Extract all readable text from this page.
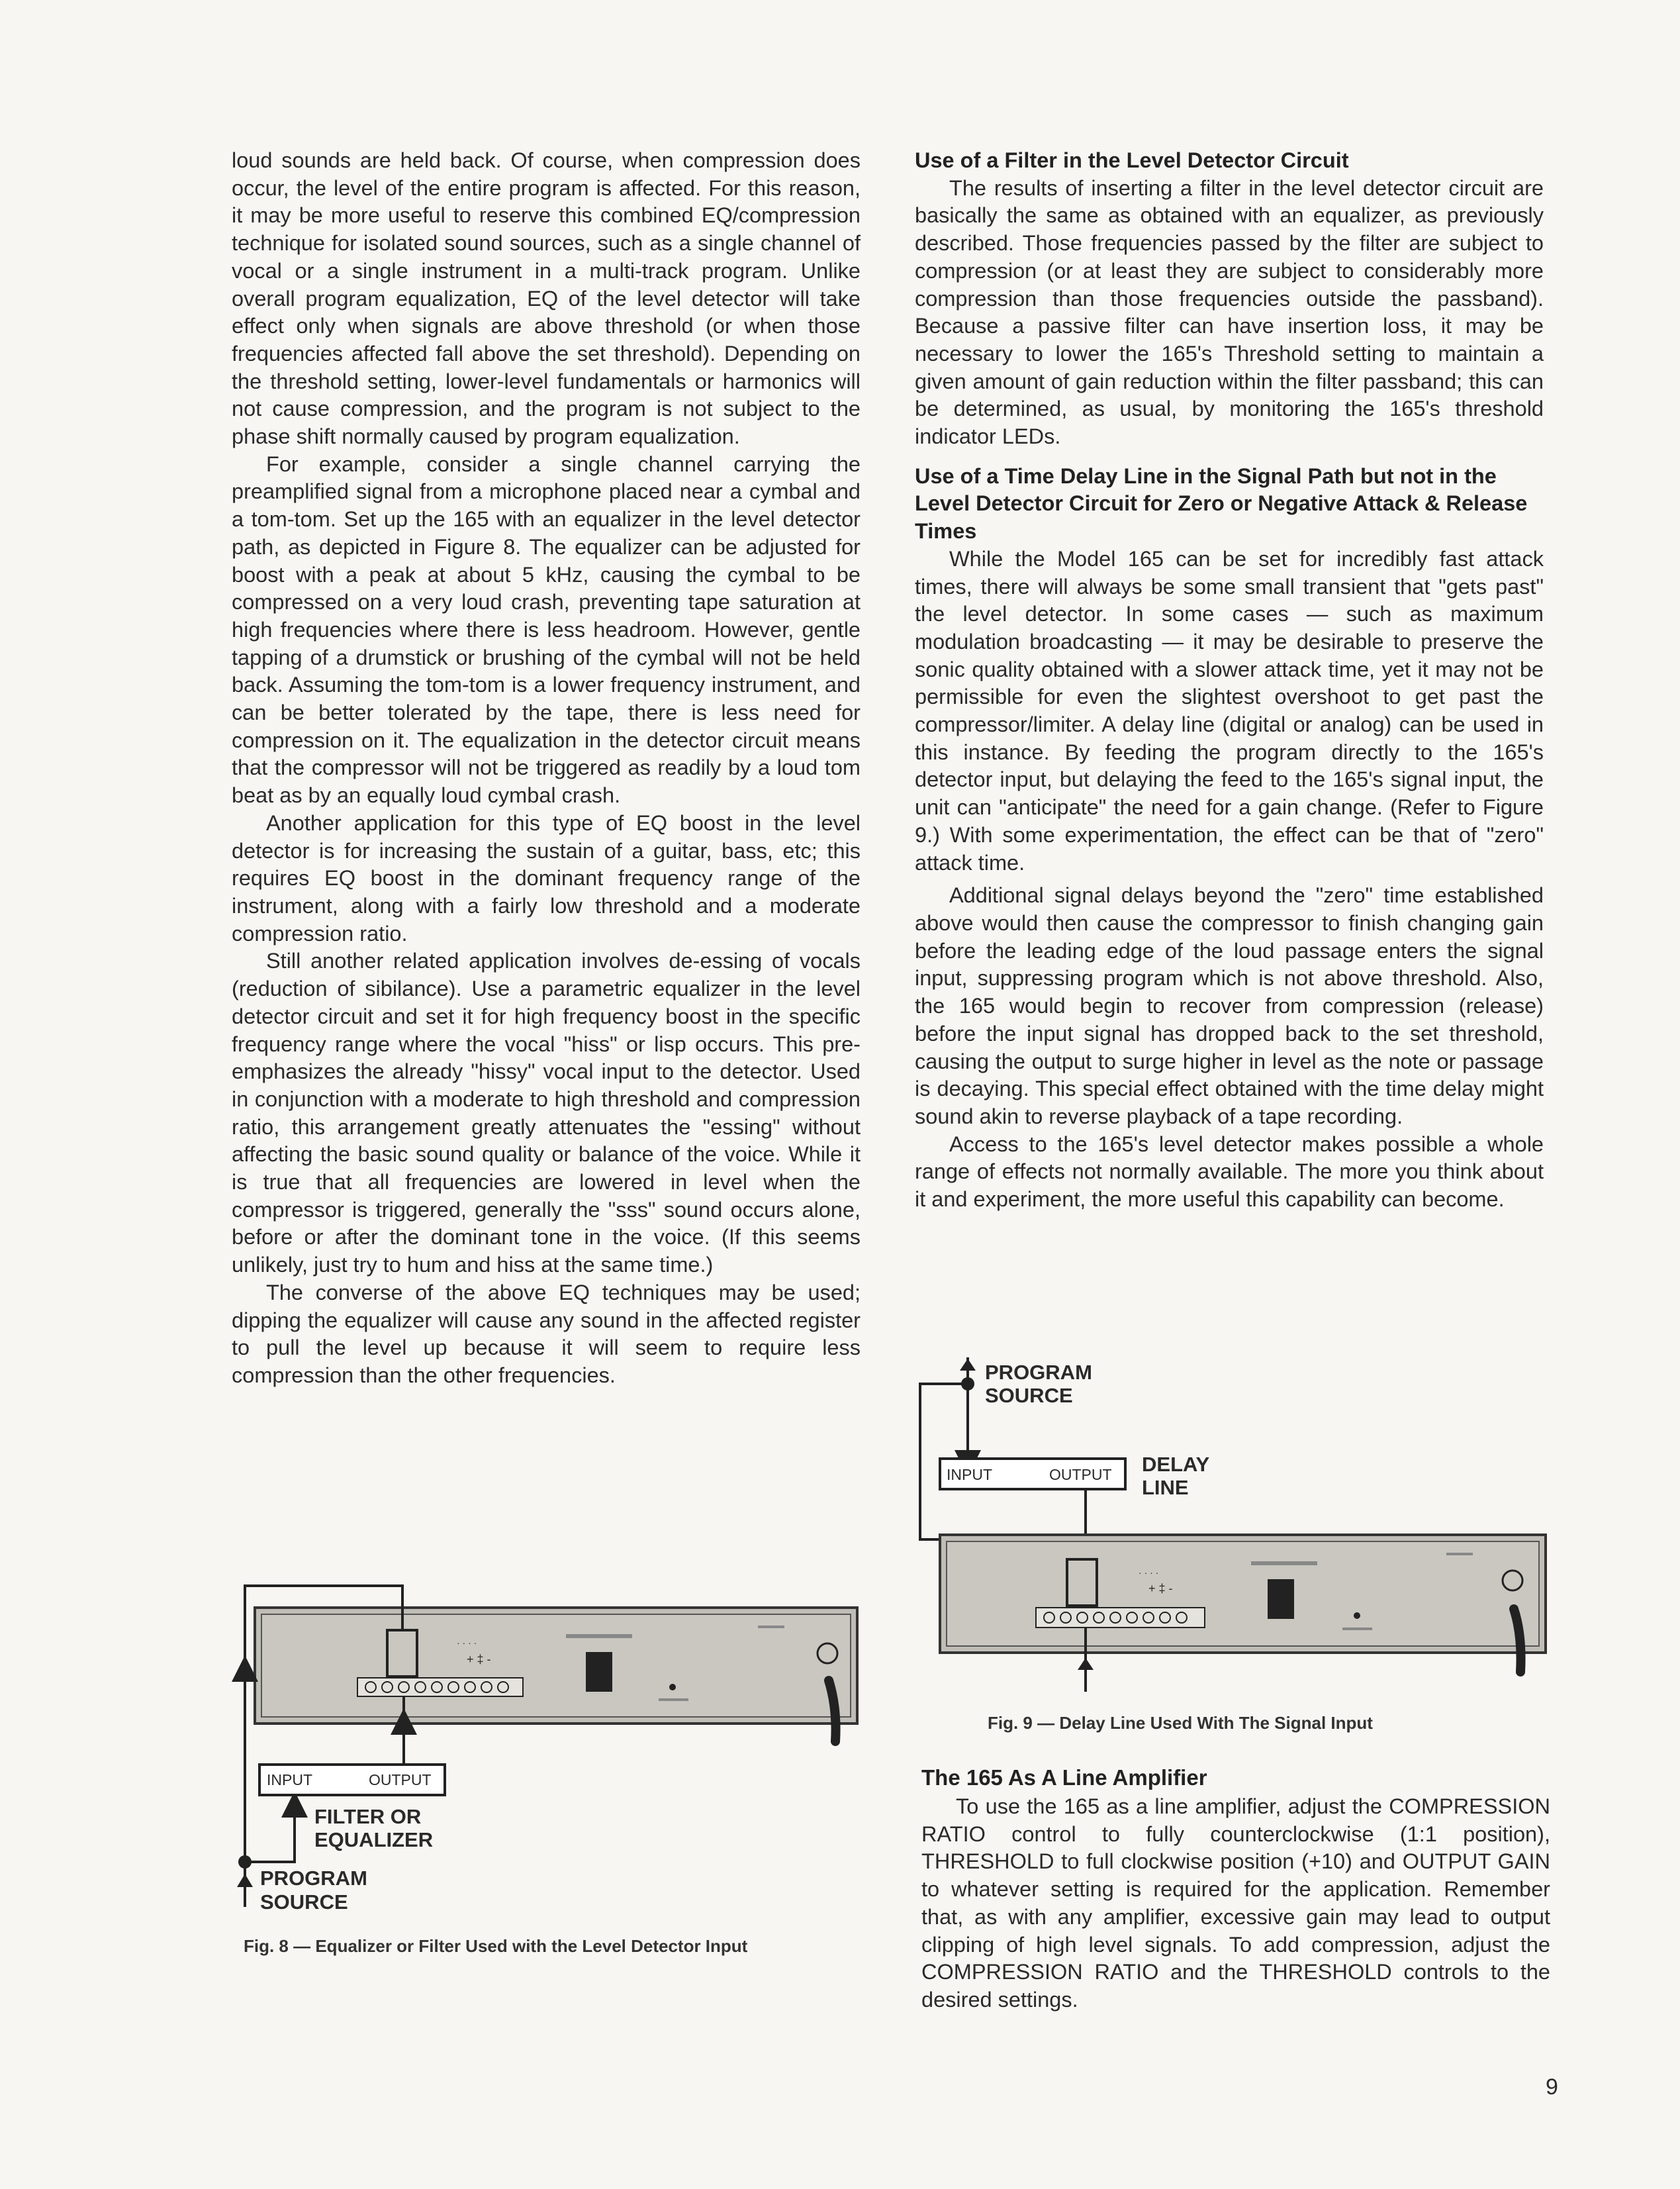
loud sounds are held back. Of course, when compression does occur, the level of the entire program is affected. For this reason, it may be more useful to reserve this combined EQ/compression technique for isolated sound sources, such as a single channel of vocal or a single instrument in a multi-track program. Unlike overall program equalization, EQ of the level detector will take effect only when signals are above threshold (or when those frequencies affected fall above the set threshold). Depending on the threshold setting, lower-level fundamentals or harmonics will not cause compression, and the program is not subject to the phase shift normally caused by program equalization.

For example, consider a single channel carrying the preamplified signal from a microphone placed near a cymbal and a tom-tom. Set up the 165 with an equalizer in the level detector path, as depicted in Figure 8. The equalizer can be adjusted for boost with a peak at about 5 kHz, causing the cymbal to be compressed on a very loud crash, preventing tape saturation at high frequencies where there is less headroom. However, gentle tapping of a drumstick or brushing of the cymbal will not be held back. Assuming the tom-tom is a lower frequency instrument, and can be better tolerated by the tape, there is less need for compression on it. The equalization in the detector circuit means that the compressor will not be triggered as readily by a loud tom beat as by an equally loud cymbal crash.

Another application for this type of EQ boost in the level detector is for increasing the sustain of a guitar, bass, etc; this requires EQ boost in the dominant frequency range of the instrument, along with a fairly low threshold and a moderate compression ratio.

Still another related application involves de-essing of vocals (reduction of sibilance). Use a parametric equalizer in the level detector circuit and set it for high frequency boost in the specific frequency range where the vocal "hiss" or lisp occurs. This pre-emphasizes the already "hissy" vocal input to the detector. Used in conjunction with a moderate to high threshold and compression ratio, this arrangement greatly attenuates the "essing" without affecting the basic sound quality or balance of the voice. While it is true that all frequencies are lowered in level when the compressor is triggered, generally the "sss" sound occurs alone, before or after the dominant tone in the voice. (If this seems unlikely, just try to hum and hiss at the same time.)

The converse of the above EQ techniques may be used; dipping the equalizer will cause any sound in the affected register to pull the level up because it will seem to require less compression than the other frequencies.

Use of a Filter in the Level Detector Circuit

The results of inserting a filter in the level detector circuit are basically the same as obtained with an equalizer, as previously described. Those frequencies passed by the filter are subject to compression (or at least they are subject to considerably more compression than those frequencies outside the passband). Because a passive filter can have insertion loss, it may be necessary to lower the 165's Threshold setting to maintain a given amount of gain reduction within the filter passband; this can be determined, as usual, by monitoring the 165's threshold indicator LEDs.

Use of a Time Delay Line in the Signal Path but not in the Level Detector Circuit for Zero or Negative Attack & Release Times

While the Model 165 can be set for incredibly fast attack times, there will always be some small transient that "gets past" the level detector. In some cases — such as maximum modulation broadcasting — it may be desirable to preserve the sonic quality obtained with a slower attack time, yet it may not be permissible for even the slightest overshoot to get past the compressor/limiter. A delay line (digital or analog) can be used in this instance. By feeding the program directly to the 165's detector input, but delaying the feed to the 165's signal input, the unit can "anticipate" the need for a gain change. (Refer to Figure 9.) With some experimentation, the effect can be that of "zero" attack time.

Additional signal delays beyond the "zero" time established above would then cause the compressor to finish changing gain before the leading edge of the loud passage enters the signal input, suppressing program which is not above threshold. Also, the 165 would begin to recover from compression (release) before the input signal has dropped back to the set threshold, causing the output to surge higher in level as the note or passage is decaying. This special effect obtained with the time delay might sound akin to reverse playback of a tape recording.

Access to the 165's level detector makes possible a whole range of effects not normally available. The more you think about it and experiment, the more useful this capability can become.

The 165 As A Line Amplifier
To use the 165 as a line amplifier, adjust the COMPRESSION RATIO control to fully counterclockwise (1:1 position), THRESHOLD to full clockwise position (+10) and OUTPUT GAIN to whatever setting is required for the application. Remember that, as with any amplifier, excessive gain may lead to output clipping of high level signals. To add compression, adjust the COMPRESSION RATIO and the THRESHOLD controls to the desired settings.
· · · ·
+ ‡ -
INPUT	OUTPUT
FILTER OR
EQUALIZER
PROGRAM
SOURCE
PROGRAM
SOURCE
INPUT	OUTPUT DELAY
LINE
· · · ·
+ ‡ -
Fig. 8 — Equalizer or Filter Used with the Level Detector Input
Fig. 9 — Delay Line Used With The Signal Input
9
